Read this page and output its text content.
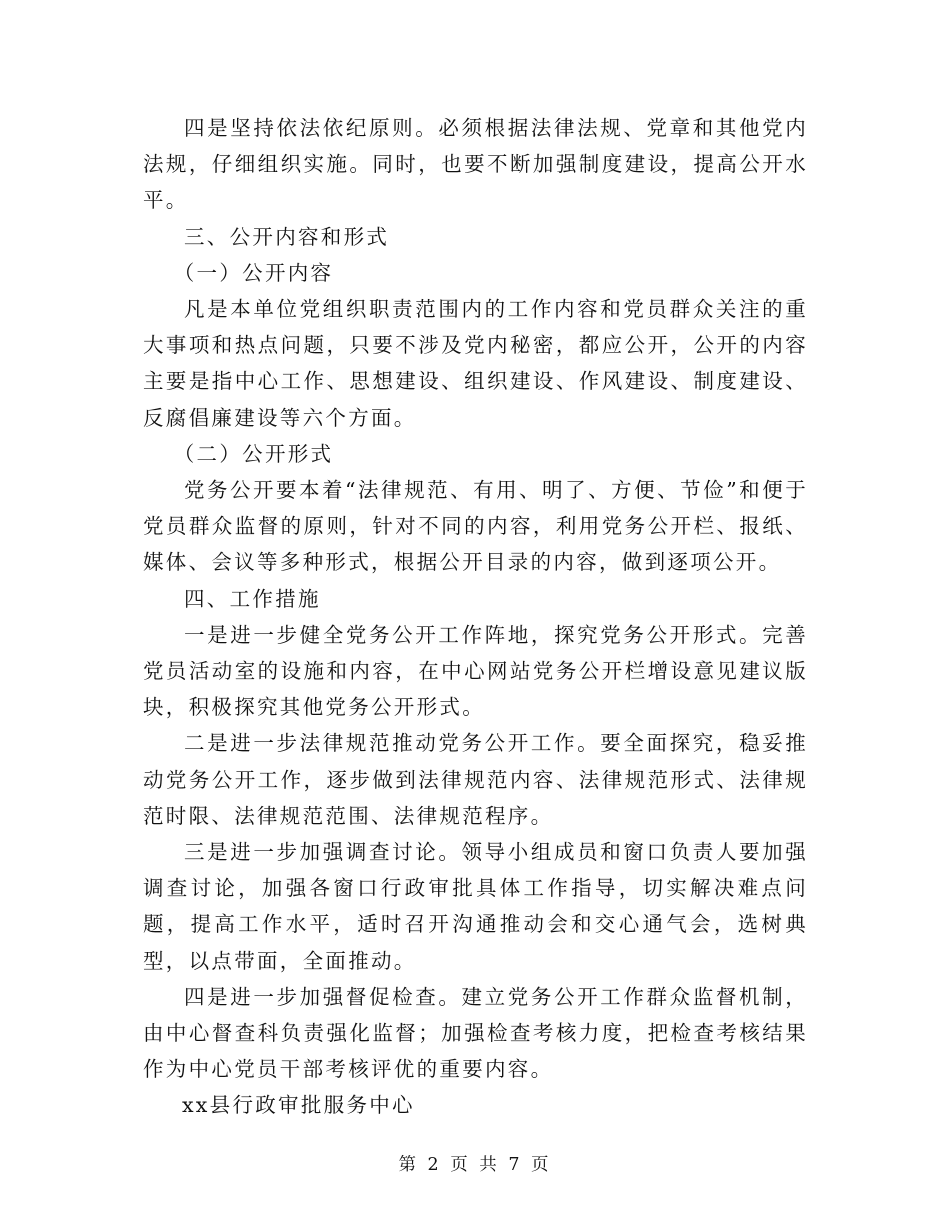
四是坚持依法依纪原则。必须根据法律法规、党章和其他党内法规，仔细组织实施。同时，也要不断加强制度建设，提高公开水平。

三、公开内容和形式

（一）公开内容

凡是本单位党组织职责范围内的工作内容和党员群众关注的重大事项和热点问题，只要不涉及党内秘密，都应公开，公开的内容主要是指中心工作、思想建设、组织建设、作风建设、制度建设、反腐倡廉建设等六个方面。

（二）公开形式

党务公开要本着“法律规范、有用、明了、方便、节俭”和便于党员群众监督的原则，针对不同的内容，利用党务公开栏、报纸、媒体、会议等多种形式，根据公开目录的内容，做到逐项公开。

四、工作措施

一是进一步健全党务公开工作阵地，探究党务公开形式。完善党员活动室的设施和内容，在中心网站党务公开栏增设意见建议版块，积极探究其他党务公开形式。

二是进一步法律规范推动党务公开工作。要全面探究，稳妥推动党务公开工作，逐步做到法律规范内容、法律规范形式、法律规范时限、法律规范范围、法律规范程序。

三是进一步加强调查讨论。领导小组成员和窗口负责人要加强调查讨论，加强各窗口行政审批具体工作指导，切实解决难点问题，提高工作水平，适时召开沟通推动会和交心通气会，选树典型，以点带面，全面推动。

四是进一步加强督促检查。建立党务公开工作群众监督机制，由中心督查科负责强化监督；加强检查考核力度，把检查考核结果作为中心党员干部考核评优的重要内容。

xx县行政审批服务中心

第 2 页 共 7 页
